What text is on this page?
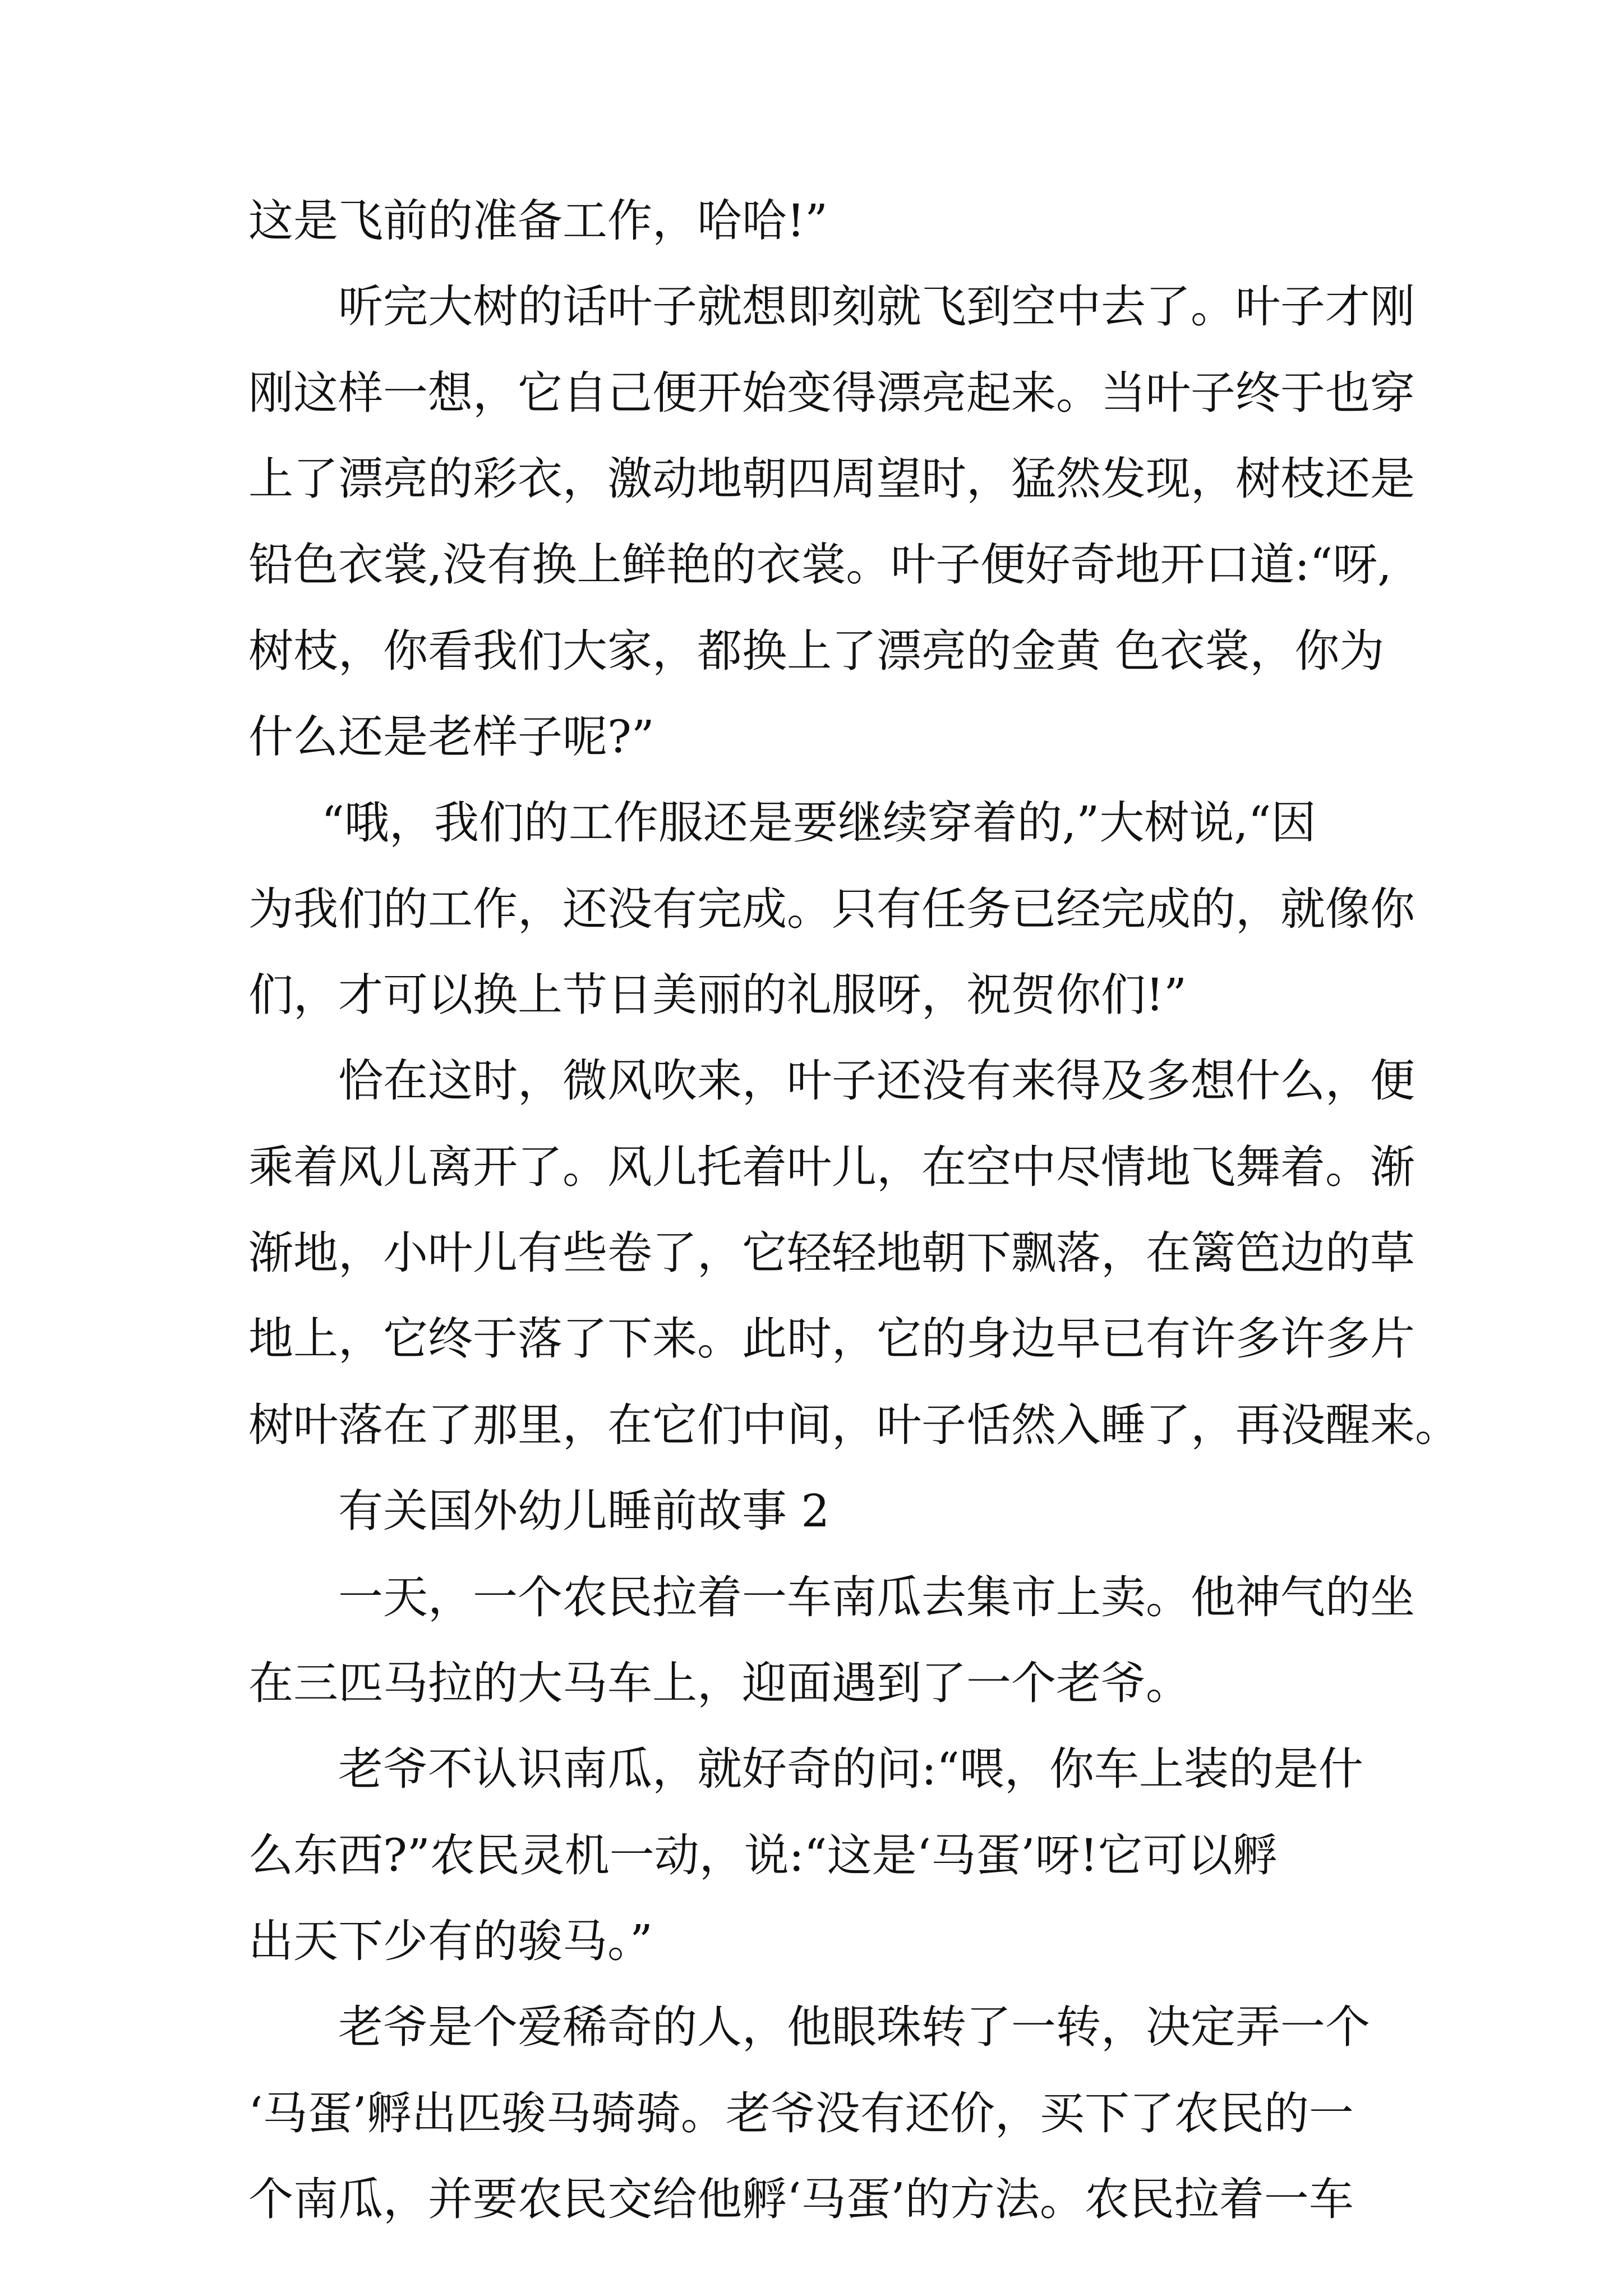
这是飞前的准备工作，哈哈!”
听完大树的话叶子就想即刻就飞到空中去了。叶子才刚
刚这样一想，它自己便开始变得漂亮起来。当叶子终于也穿
上了漂亮的彩衣，激动地朝四周望时，猛然发现，树枝还是
铅色衣裳,没有换上鲜艳的衣裳。叶子便好奇地开口道:“呀,
树枝，你看我们大家，都换上了漂亮的金黄 色衣裳，你为
什么还是老样子呢?”
“哦，我们的工作服还是要继续穿着的,”大树说,“因
为我们的工作，还没有完成。只有任务已经完成的，就像你
们，才可以换上节日美丽的礼服呀，祝贺你们!”
恰在这时，微风吹来，叶子还没有来得及多想什么，便
乘着风儿离开了。风儿托着叶儿，在空中尽情地飞舞着。渐
渐地，小叶儿有些卷了，它轻轻地朝下飘落，在篱笆边的草
地上，它终于落了下来。此时，它的身边早已有许多许多片
树叶落在了那里，在它们中间，叶子恬然入睡了，再没醒来。
有关国外幼儿睡前故事 2
一天，一个农民拉着一车南瓜去集市上卖。他神气的坐
在三匹马拉的大马车上，迎面遇到了一个老爷。
老爷不认识南瓜，就好奇的问:“喂，你车上装的是什
么东西?”农民灵机一动，说:“这是‘马蛋’呀!它可以孵
出天下少有的骏马。”
老爷是个爱稀奇的人，他眼珠转了一转，决定弄一个
‘马蛋’孵出匹骏马骑骑。老爷没有还价，买下了农民的一
个南瓜，并要农民交给他孵‘马蛋’的方法。农民拉着一车
